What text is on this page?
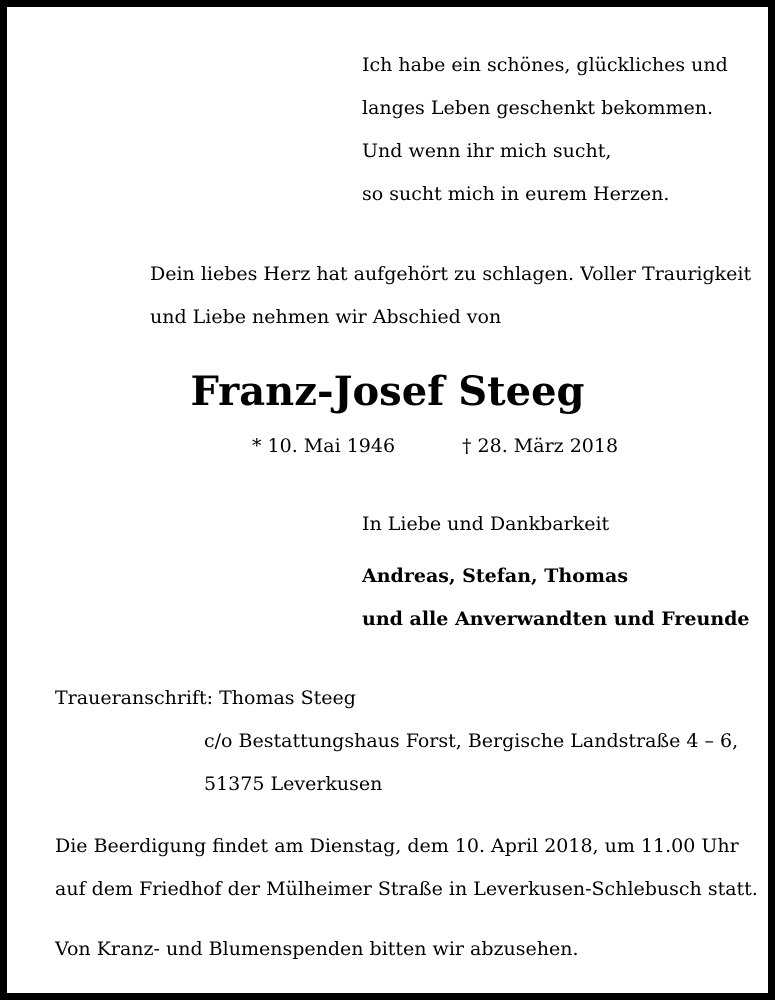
Ich habe ein schönes, glückliches und
langes Leben geschenkt bekommen.
Und wenn ihr mich sucht,
so sucht mich in eurem Herzen.
Dein liebes Herz hat aufgehört zu schlagen. Voller Traurigkeit
und Liebe nehmen wir Abschied von
Franz-Josef Steeg
* 10. Mai 1946	† 28. März 2018
In Liebe und Dankbarkeit
Andreas, Stefan, Thomas
und alle Anverwandten und Freunde
Traueranschrift: Thomas Steeg
c/o Bestattungshaus Forst, Bergische Landstraße 4 – 6,
51375 Leverkusen
Die Beerdigung findet am Dienstag, dem 10. April 2018, um 11.00 Uhr
auf dem Friedhof der Mülheimer Straße in Leverkusen-Schlebusch statt.
Von Kranz- und Blumenspenden bitten wir abzusehen.
